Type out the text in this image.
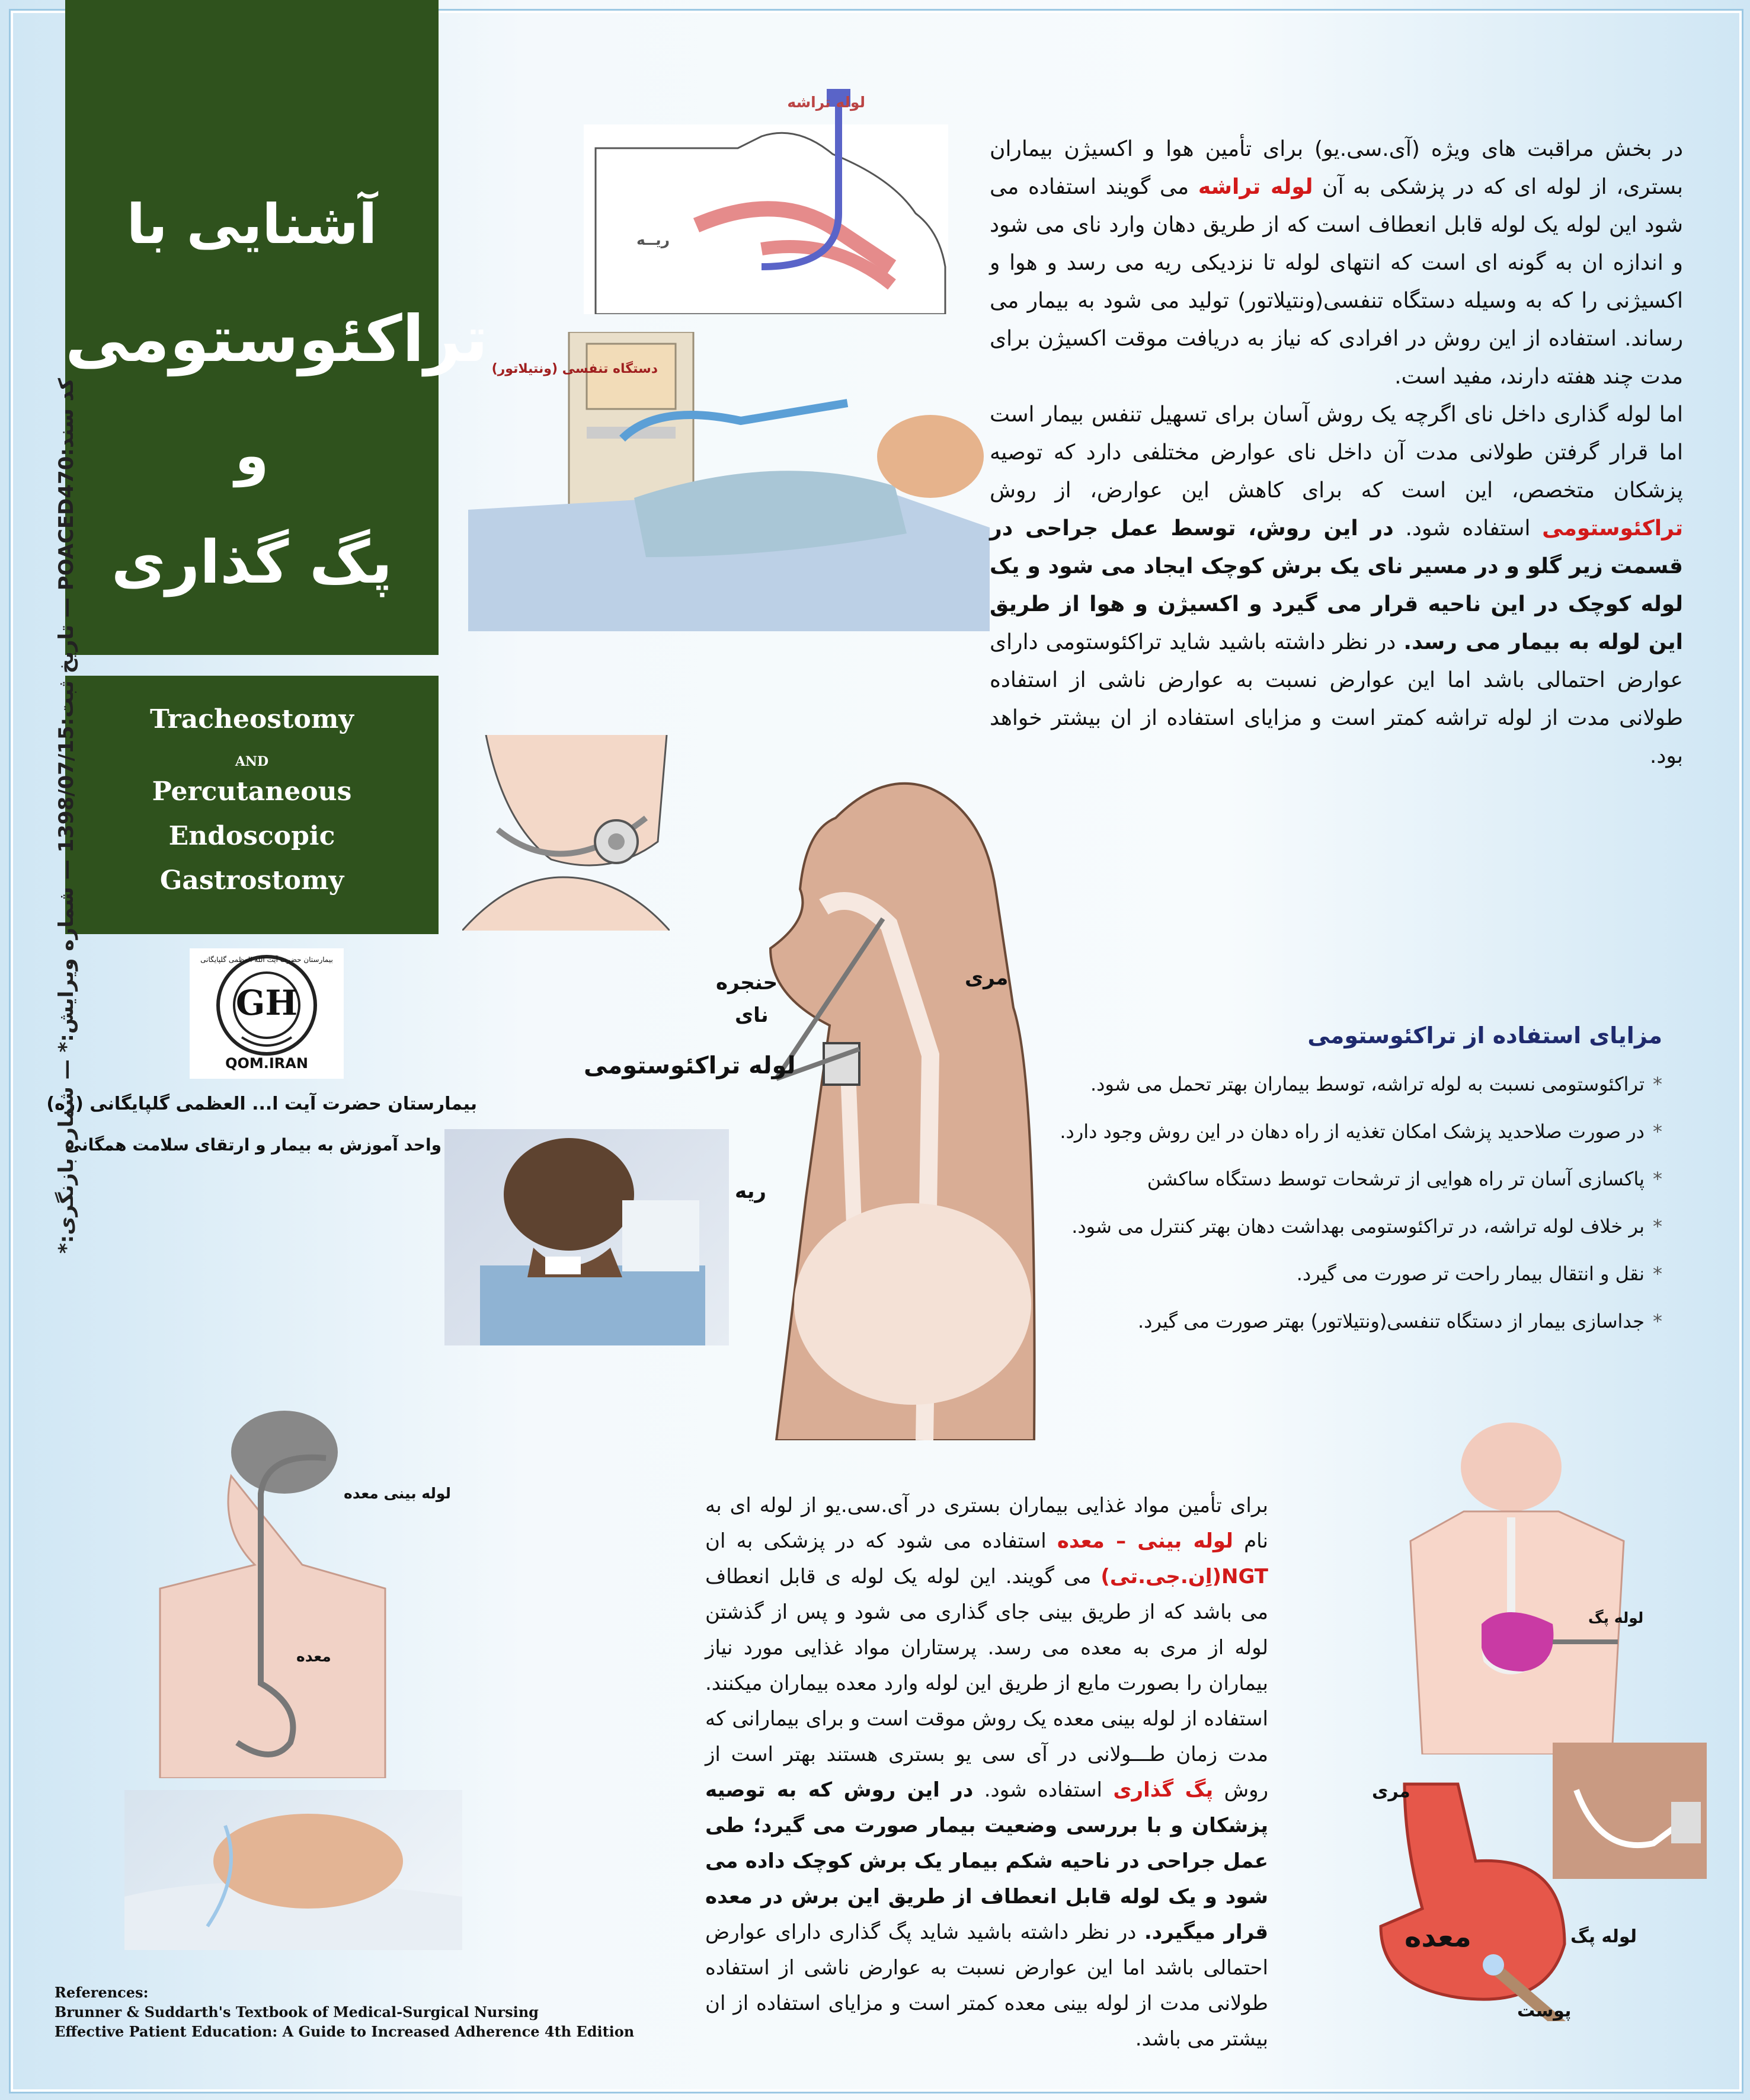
آشنایی با
تراکئوستومی
و
پگ گذاری
Tracheostomy
AND
Percutaneous
Endoscopic
Gastrostomy
GH
بیمارستان حضرت آیت الله العظمی گلپایگانی
QOM.IRAN
بیمارستان حضرت آیت ا... العظمی گلپایگانی (ره)
واحد آموزش به بیمار و ارتقای سلامت همگانی
کد سند:POACED470 — تاریخ ثبت:1398/07/15 — شماره ویرایش:* — شماره بازنگری:*
لوله تراشه
ریــه
دستگاه تنفسی (ونتیلاتور)
در بخش مراقبت های ویژه (آی.سی.یو) برای تأمین هوا و اکسیژن بیماران بستری، از لوله ای که در پزشکی به آن لوله تراشه می گویند استفاده می شود این لوله یک لوله قابل انعطاف است که از طریق دهان وارد نای می شود و اندازه ان به گونه ای است که انتهای لوله تا نزدیکی ریه می رسد و هوا و اکسیژنی را که به وسیله دستگاه تنفسی(ونتیلاتور) تولید می شود به بیمار می رساند. استفاده از این روش در افرادی که نیاز به دریافت موقت اکسیژن برای مدت چند هفته دارند، مفید است.
اما لوله گذاری داخل نای اگرچه یک روش آسان برای تسهیل تنفس بیمار است اما قرار گرفتن طولانی مدت آن داخل نای عوارض مختلفی دارد که توصیه پزشکان متخصص، این است که برای کاهش این عوارض، از روش تراکئوستومی استفاده شود. در این روش، توسط عمل جراحی در قسمت زیر گلو و در مسیر نای یک برش کوچک ایجاد می شود و یک لوله کوچک در این ناحیه قرار می گیرد و اکسیژن و هوا از طریق این لوله به بیمار می رسد. در نظر داشته باشید شاید تراکئوستومی دارای عوارض احتمالی باشد اما این عوارض نسبت به عوارض ناشی از استفاده طولانی مدت از لوله تراشه کمتر است و مزایای استفاده از ان بیشتر خواهد بود.
مری
حنجره
نای
لوله تراکئوستومی
ریه
مزایای استفاده از تراکئوستومی
*تراکئوستومی نسبت به لوله تراشه، توسط بیماران بهتر تحمل می شود.
*در صورت صلاحدید پزشک امکان تغذیه از راه دهان در این روش وجود دارد.
*پاکسازی آسان تر راه هوایی از ترشحات توسط دستگاه ساکشن
*بر خلاف لوله تراشه، در تراکئوستومی بهداشت دهان بهتر کنترل می شود.
*نقل و انتقال بیمار راحت تر صورت می گیرد.
*جداسازی بیمار از دستگاه تنفسی(ونتیلاتور) بهتر صورت می گیرد.
لوله بینی معده
معده
برای تأمین مواد غذایی بیماران بستری در آی.سی.یو از لوله ای به نام لوله بینی – معده استفاده می شود که در پزشکی به ان NGT(اِن.جی.تی) می گویند. این لوله یک لوله ی قابل انعطاف می باشد که از طریق بینی جای گذاری می شود و پس از گذشتن لوله از مری به معده می رسد. پرستاران مواد غذایی مورد نیاز بیماران را بصورت مایع از طریق این لوله وارد معده بیماران میکنند. استفاده از لوله بینی معده یک روش موقت است و برای بیمارانی که مدت زمان طـــولانی در آی سی یو بستری هستند بهتر است از روش پگ گذاری استفاده شود. در این روش که به توصیه پزشکان و با بررسی وضعیت بیمار صورت می گیرد؛ طی عمل جراحی در ناحیه شکم بیمار یک برش کوچک داده می شود و یک لوله قابل انعطاف از طریق این برش در معده قرار میگیرد. در نظر داشته باشید شاید پگ گذاری دارای عوارض احتمالی باشد اما این عوارض نسبت به عوارض ناشی از استفاده طولانی مدت از لوله بینی معده کمتر است و مزایای استفاده از ان بیشتر می باشد.
لوله پگ
مری
معده	لوله پگ
پوست
References:
Brunner & Suddarth's Textbook of Medical-Surgical Nursing
Effective Patient Education: A Guide to Increased Adherence 4th Edition
